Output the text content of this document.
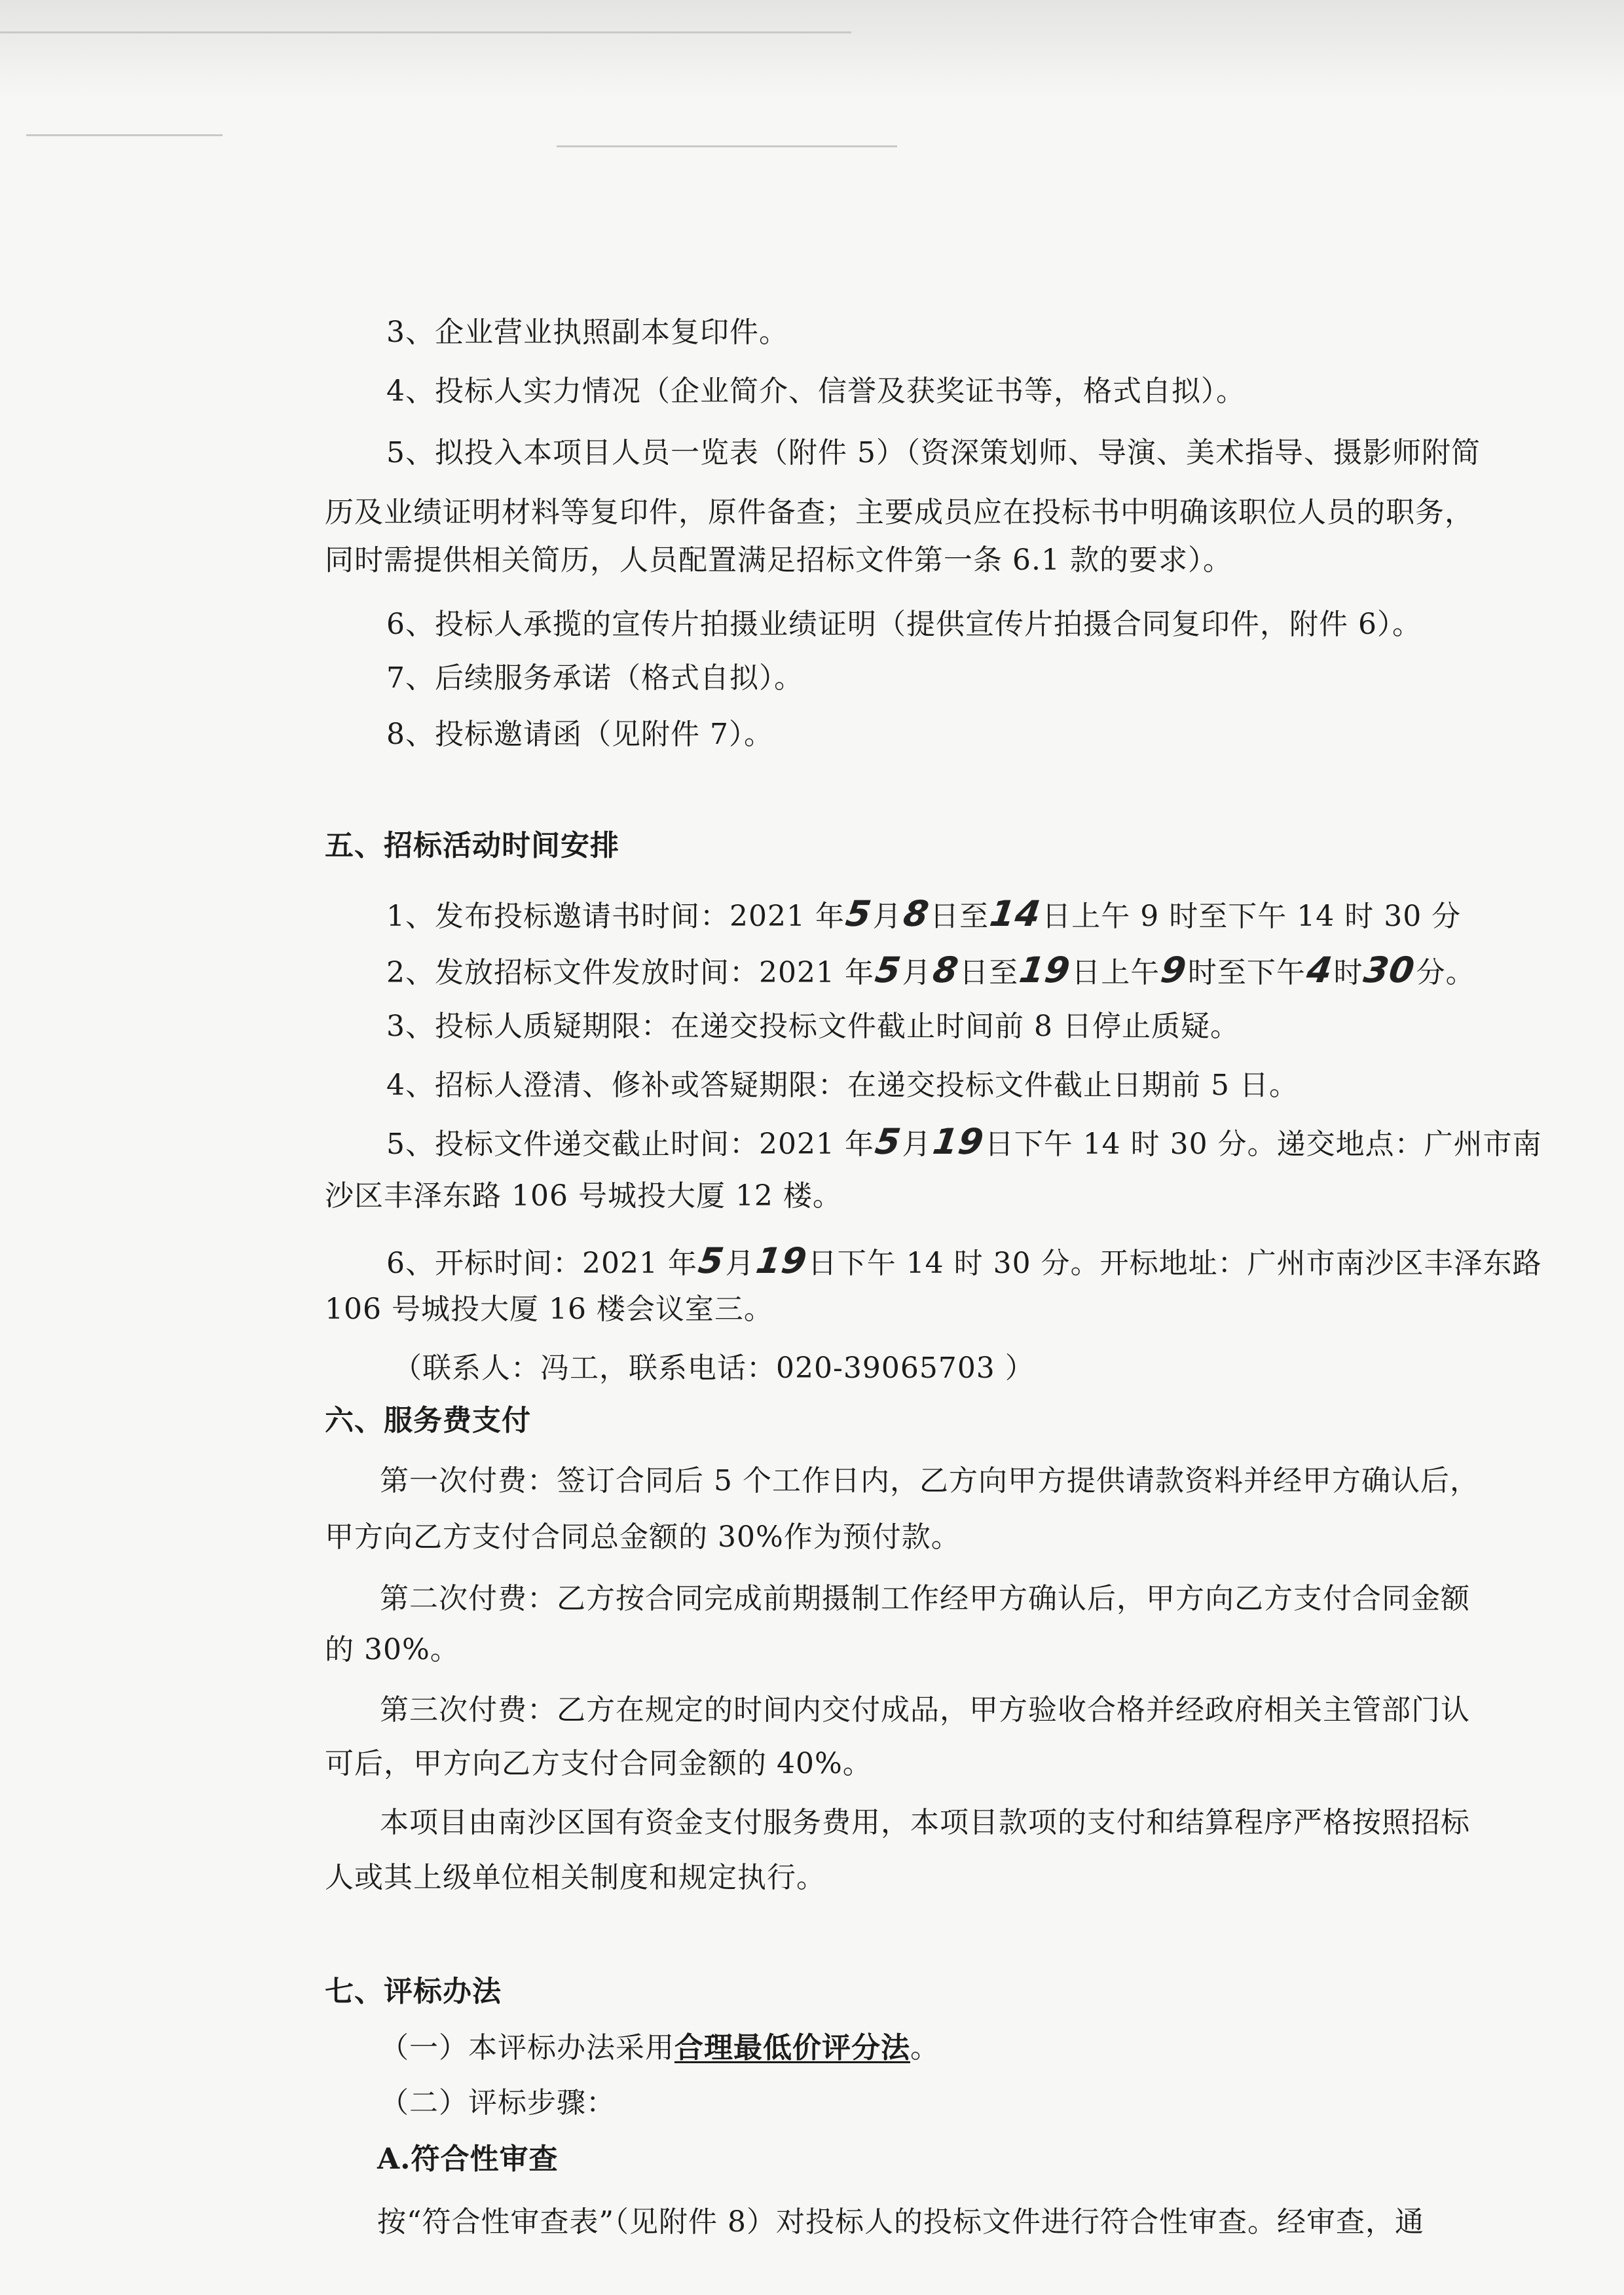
3、企业营业执照副本复印件。
4、投标人实力情况（企业简介、信誉及获奖证书等，格式自拟）。
5、拟投入本项目人员一览表（附件 5）（资深策划师、导演、美术指导、摄影师附简
历及业绩证明材料等复印件，原件备查；主要成员应在投标书中明确该职位人员的职务，
同时需提供相关简历，人员配置满足招标文件第一条 6.1 款的要求）。
6、投标人承揽的宣传片拍摄业绩证明（提供宣传片拍摄合同复印件，附件 6）。
7、后续服务承诺（格式自拟）。
8、投标邀请函（见附件 7）。
五、招标活动时间安排
1、发布投标邀请书时间：2021 年5月8日至14日上午 9 时至下午 14 时 30 分
2、发放招标文件发放时间：2021 年5月8日至19日上午9时至下午4时30分。
3、投标人质疑期限：在递交投标文件截止时间前 8 日停止质疑。
4、招标人澄清、修补或答疑期限：在递交投标文件截止日期前 5 日。
5、投标文件递交截止时间：2021 年5月19日下午 14 时 30 分。递交地点：广州市南
沙区丰泽东路 106 号城投大厦 12 楼。
6、开标时间：2021 年5月19日下午 14 时 30 分。开标地址：广州市南沙区丰泽东路
106 号城投大厦 16 楼会议室三。
（联系人：冯工，联系电话：020-39065703 ）
六、服务费支付
第一次付费：签订合同后 5 个工作日内，乙方向甲方提供请款资料并经甲方确认后，
甲方向乙方支付合同总金额的 30%作为预付款。
第二次付费：乙方按合同完成前期摄制工作经甲方确认后，甲方向乙方支付合同金额
的 30%。
第三次付费：乙方在规定的时间内交付成品，甲方验收合格并经政府相关主管部门认
可后，甲方向乙方支付合同金额的 40%。
本项目由南沙区国有资金支付服务费用，本项目款项的支付和结算程序严格按照招标
人或其上级单位相关制度和规定执行。
七、评标办法
（一）本评标办法采用合理最低价评分法。
（二）评标步骤：
A.符合性审查
按“符合性审查表”（见附件 8）对投标人的投标文件进行符合性审查。经审查，通
